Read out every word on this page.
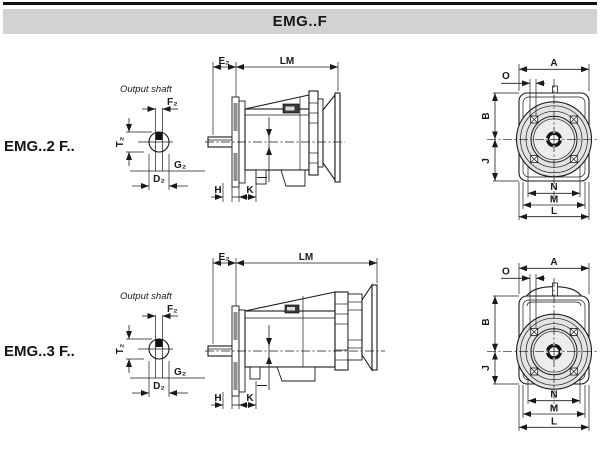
EMG..F
EMG..2 F..
EMG..3 F..
Output shaft
F₂
T₂
G₂
D₂
E₂	LM
—
H K
A
O
B
J
N
M
L
Output shaft
F₂
T₂
G₂
D₂
E₂	LM
—
H K
A
O
B
J
N
M
L
